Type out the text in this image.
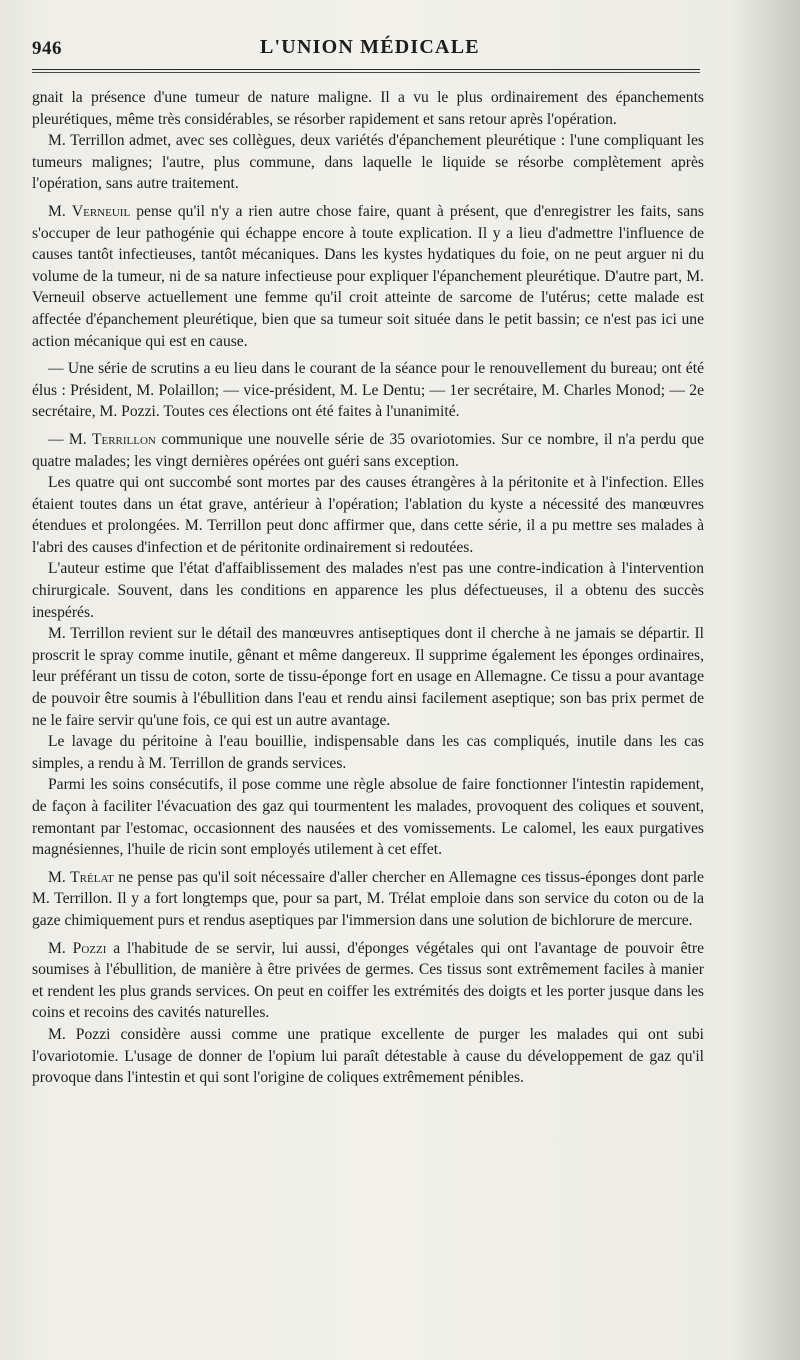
946	L'UNION MÉDICALE

gnait la présence d'une tumeur de nature maligne. Il a vu le plus ordinairement des épanchements pleurétiques, même très considérables, se résorber rapidement et sans retour après l'opération.

M. Terrillon admet, avec ses collègues, deux variétés d'épanchement pleurétique : l'une compliquant les tumeurs malignes; l'autre, plus commune, dans laquelle le liquide se résorbe complètement après l'opération, sans autre traitement.

M. Verneuil pense qu'il n'y a rien autre chose faire, quant à présent, que d'enregistrer les faits, sans s'occuper de leur pathogénie qui échappe encore à toute explication. Il y a lieu d'admettre l'influence de causes tantôt infectieuses, tantôt mécaniques. Dans les kystes hydatiques du foie, on ne peut arguer ni du volume de la tumeur, ni de sa nature infectieuse pour expliquer l'épanchement pleurétique. D'autre part, M. Verneuil observe actuellement une femme qu'il croit atteinte de sarcome de l'utérus; cette malade est affectée d'épanchement pleurétique, bien que sa tumeur soit située dans le petit bassin; ce n'est pas ici une action mécanique qui est en cause.

— Une série de scrutins a eu lieu dans le courant de la séance pour le renouvellement du bureau; ont été élus : Président, M. Polaillon; — vice-président, M. Le Dentu; — 1er secrétaire, M. Charles Monod; — 2e secrétaire, M. Pozzi. Toutes ces élections ont été faites à l'unanimité.

— M. Terrillon communique une nouvelle série de 35 ovariotomies. Sur ce nombre, il n'a perdu que quatre malades; les vingt dernières opérées ont guéri sans exception.

Les quatre qui ont succombé sont mortes par des causes étrangères à la péritonite et à l'infection. Elles étaient toutes dans un état grave, antérieur à l'opération; l'ablation du kyste a nécessité des manœuvres étendues et prolongées. M. Terrillon peut donc affirmer que, dans cette série, il a pu mettre ses malades à l'abri des causes d'infection et de péritonite ordinairement si redoutées.

L'auteur estime que l'état d'affaiblissement des malades n'est pas une contre-indication à l'intervention chirurgicale. Souvent, dans les conditions en apparence les plus défectueuses, il a obtenu des succès inespérés.

M. Terrillon revient sur le détail des manœuvres antiseptiques dont il cherche à ne jamais se départir. Il proscrit le spray comme inutile, gênant et même dangereux. Il supprime également les éponges ordinaires, leur préférant un tissu de coton, sorte de tissu-éponge fort en usage en Allemagne. Ce tissu a pour avantage de pouvoir être soumis à l'ébullition dans l'eau et rendu ainsi facilement aseptique; son bas prix permet de ne le faire servir qu'une fois, ce qui est un autre avantage.

Le lavage du péritoine à l'eau bouillie, indispensable dans les cas compliqués, inutile dans les cas simples, a rendu à M. Terrillon de grands services.

Parmi les soins consécutifs, il pose comme une règle absolue de faire fonctionner l'intestin rapidement, de façon à faciliter l'évacuation des gaz qui tourmentent les malades, provoquent des coliques et souvent, remontant par l'estomac, occasionnent des nausées et des vomissements. Le calomel, les eaux purgatives magnésiennes, l'huile de ricin sont employés utilement à cet effet.

M. Trélat ne pense pas qu'il soit nécessaire d'aller chercher en Allemagne ces tissus-éponges dont parle M. Terrillon. Il y a fort longtemps que, pour sa part, M. Trélat emploie dans son service du coton ou de la gaze chimiquement purs et rendus aseptiques par l'immersion dans une solution de bichlorure de mercure.

M. Pozzi a l'habitude de se servir, lui aussi, d'éponges végétales qui ont l'avantage de pouvoir être soumises à l'ébullition, de manière à être privées de germes. Ces tissus sont extrêmement faciles à manier et rendent les plus grands services. On peut en coiffer les extrémités des doigts et les porter jusque dans les coins et recoins des cavités naturelles.

M. Pozzi considère aussi comme une pratique excellente de purger les malades qui ont subi l'ovariotomie. L'usage de donner de l'opium lui paraît détestable à cause du développement de gaz qu'il provoque dans l'intestin et qui sont l'origine de coliques extrêmement pénibles.
